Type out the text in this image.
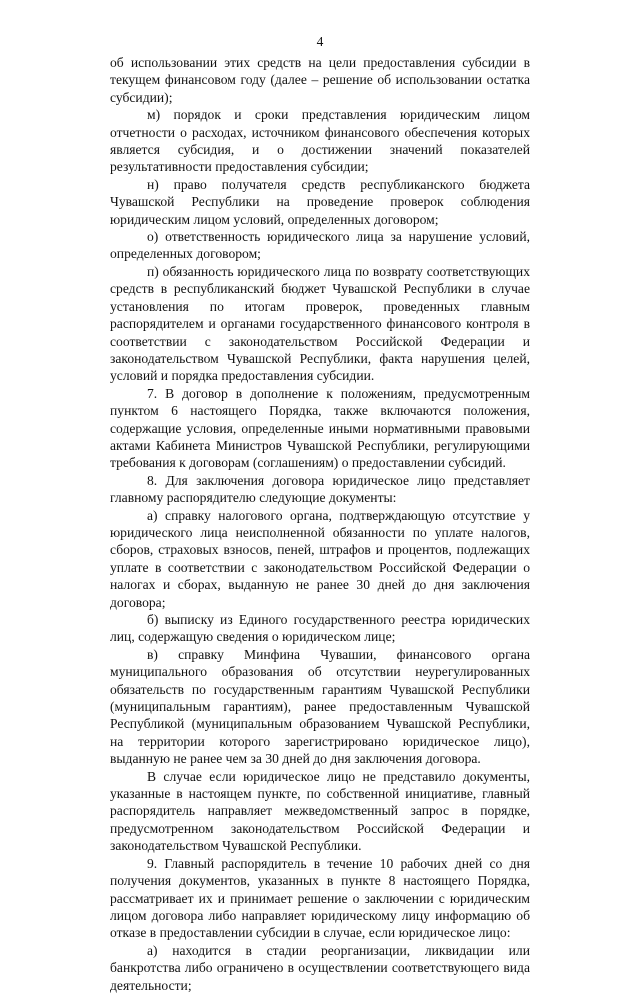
4

об использовании этих средств на цели предоставления субсидии в текущем финансовом году (далее – решение об использовании остатка субсидии);

м) порядок и сроки представления юридическим лицом отчетности о расходах, источником финансового обеспечения которых является субсидия, и о достижении значений показателей результативности предоставления субсидии;

н) право получателя средств республиканского бюджета Чувашской Республики на проведение проверок соблюдения юридическим лицом условий, определенных договором;

о) ответственность юридического лица за нарушение условий, определенных договором;

п) обязанность юридического лица по возврату соответствующих средств в республиканский бюджет Чувашской Республики в случае установления по итогам проверок, проведенных главным распорядителем и органами государственного финансового контроля в соответствии с законодательством Российской Федерации и законодательством Чувашской Республики, факта нарушения целей, условий и порядка предоставления субсидии.

7. В договор в дополнение к положениям, предусмотренным пунктом 6 настоящего Порядка, также включаются положения, содержащие условия, определенные иными нормативными правовыми актами Кабинета Министров Чувашской Республики, регулирующими требования к договорам (соглашениям) о предоставлении субсидий.

8. Для заключения договора юридическое лицо представляет главному распорядителю следующие документы:

а) справку налогового органа, подтверждающую отсутствие у юридического лица неисполненной обязанности по уплате налогов, сборов, страховых взносов, пеней, штрафов и процентов, подлежащих уплате в соответствии с законодательством Российской Федерации о налогах и сборах, выданную не ранее 30 дней до дня заключения договора;

б) выписку из Единого государственного реестра юридических лиц, содержащую сведения о юридическом лице;

в) справку Минфина Чувашии, финансового органа муниципального образования об отсутствии неурегулированных обязательств по государственным гарантиям Чувашской Республики (муниципальным гарантиям), ранее предоставленным Чувашской Республикой (муниципальным образованием Чувашской Республики, на территории которого зарегистрировано юридическое лицо), выданную не ранее чем за 30 дней до дня заключения договора.

В случае если юридическое лицо не представило документы, указанные в настоящем пункте, по собственной инициативе, главный распорядитель направляет межведомственный запрос в порядке, предусмотренном законодательством Российской Федерации и законодательством Чувашской Республики.

9. Главный распорядитель в течение 10 рабочих дней со дня получения документов, указанных в пункте 8 настоящего Порядка, рассматривает их и принимает решение о заключении с юридическим лицом договора либо направляет юридическому лицу информацию об отказе в предоставлении субсидии в случае, если юридическое лицо:

а) находится в стадии реорганизации, ликвидации или банкротства либо ограничено в осуществлении соответствующего вида деятельности;
